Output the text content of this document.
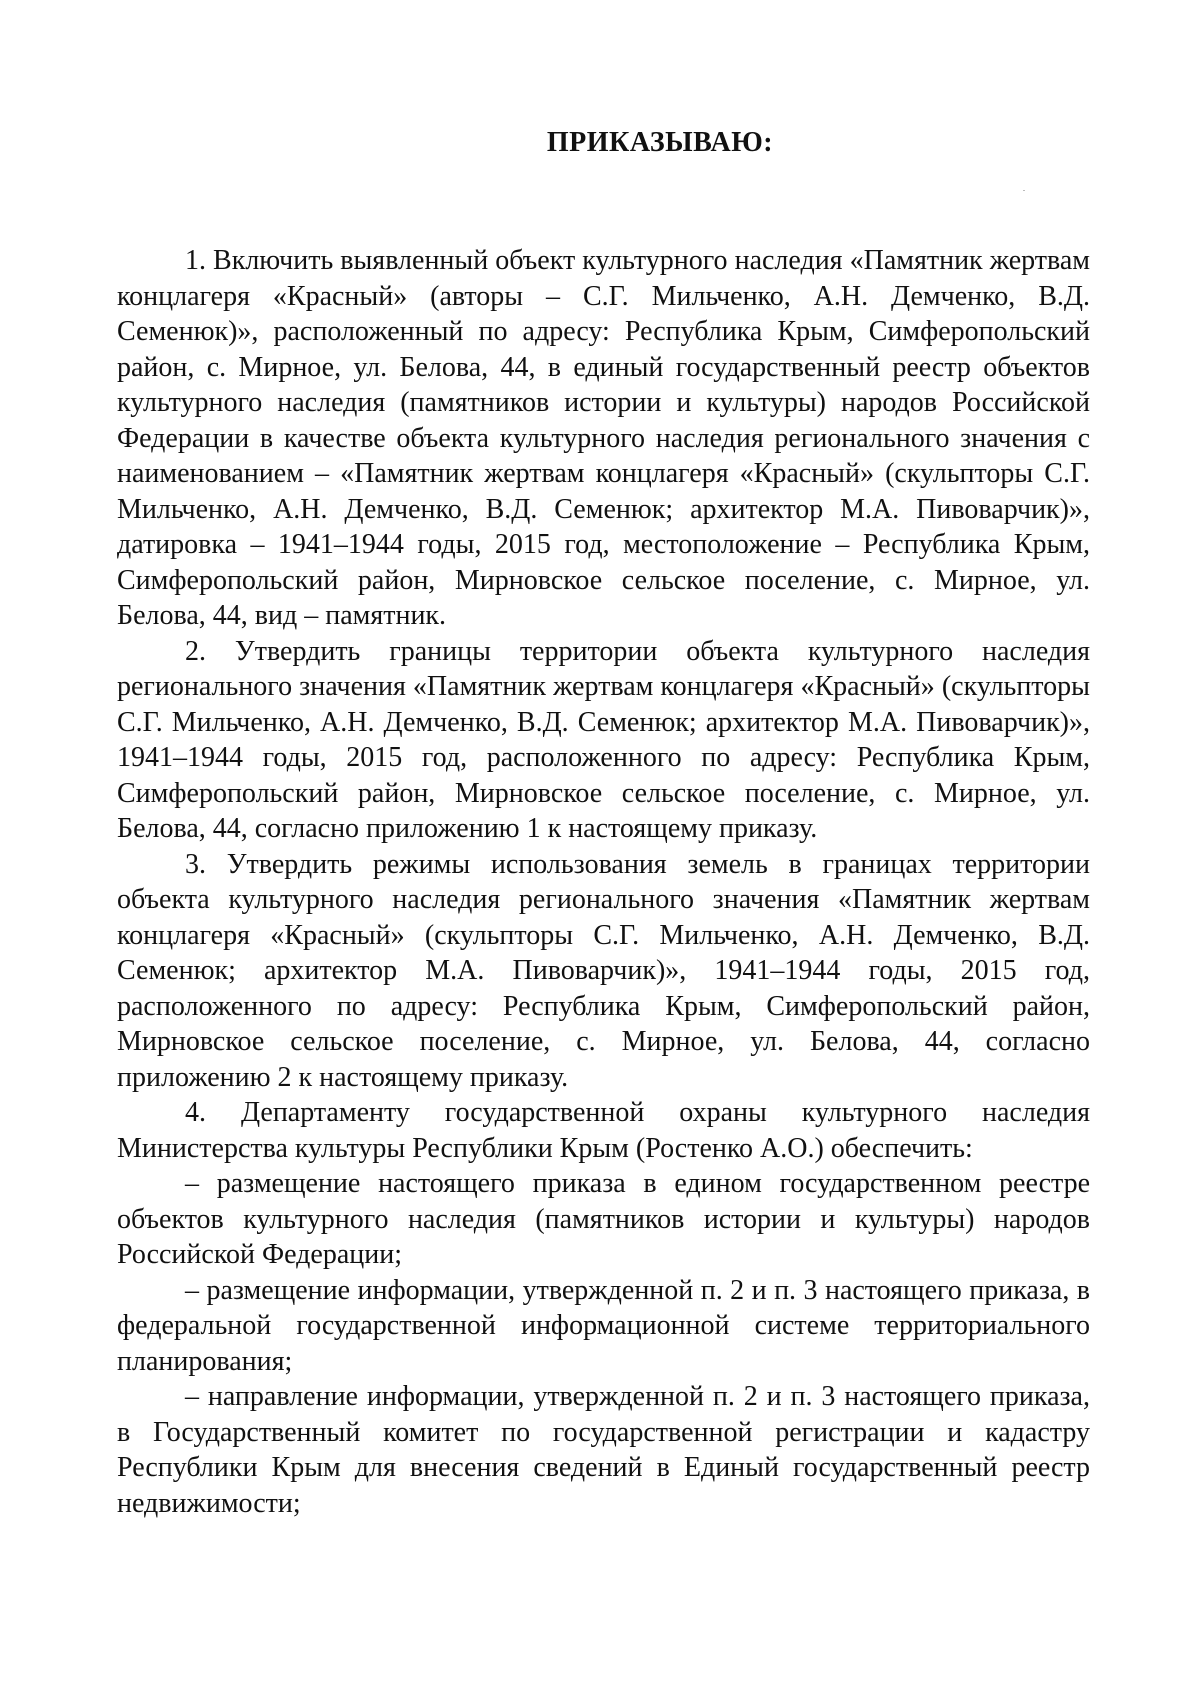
ПРИКАЗЫВАЮ:

1. Включить выявленный объект культурного наследия «Памятник жертвам концлагеря «Красный» (авторы – С.Г. Мильченко, А.Н. Демченко, В.Д. Семенюк)», расположенный по адресу: Республика Крым, Симферопольский район, с. Мирное, ул. Белова, 44, в единый государственный реестр объектов культурного наследия (памятников истории и культуры) народов Российской Федерации в качестве объекта культурного наследия регионального значения с наименованием – «Памятник жертвам концлагеря «Красный» (скульпторы С.Г. Мильченко, А.Н. Демченко, В.Д. Семенюк; архитектор М.А. Пивоварчик)», датировка – 1941–1944 годы, 2015 год, местоположение – Республика Крым, Симферопольский район, Мирновское сельское поселение, с. Мирное, ул. Белова, 44, вид – памятник.

2. Утвердить границы территории объекта культурного наследия регионального значения «Памятник жертвам концлагеря «Красный» (скульпторы С.Г. Мильченко, А.Н. Демченко, В.Д. Семенюк; архитектор М.А. Пивоварчик)», 1941–1944 годы, 2015 год, расположенного по адресу: Республика Крым, Симферопольский район, Мирновское сельское поселение, с. Мирное, ул. Белова, 44, согласно приложению 1 к настоящему приказу.

3. Утвердить режимы использования земель в границах территории объекта культурного наследия регионального значения «Памятник жертвам концлагеря «Красный» (скульпторы С.Г. Мильченко, А.Н. Демченко, В.Д. Семенюк; архитектор М.А. Пивоварчик)», 1941–1944 годы, 2015 год, расположенного по адресу: Республика Крым, Симферопольский район, Мирновское сельское поселение, с. Мирное, ул. Белова, 44, согласно приложению 2 к настоящему приказу.

4. Департаменту государственной охраны культурного наследия Министерства культуры Республики Крым (Ростенко А.О.) обеспечить:

– размещение настоящего приказа в едином государственном реестре объектов культурного наследия (памятников истории и культуры) народов Российской Федерации;

– размещение информации, утвержденной п. 2 и п. 3 настоящего приказа, в федеральной государственной информационной системе территориального планирования;

– направление информации, утвержденной п. 2 и п. 3 настоящего приказа, в Государственный комитет по государственной регистрации и кадастру Республики Крым для внесения сведений в Единый государственный реестр недвижимости;
